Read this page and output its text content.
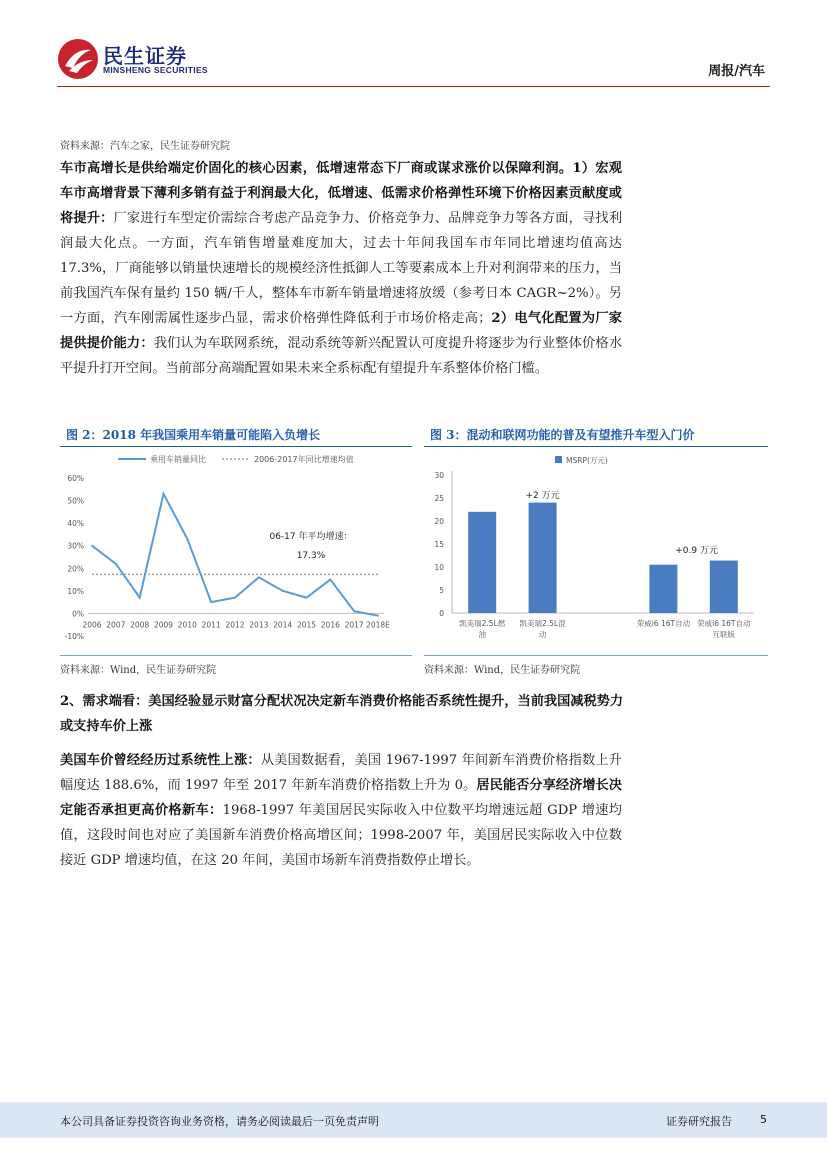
民生证券
MINSHENG SECURITIES	周报/汽车
资料来源：汽车之家，民生证券研究院
车市高增长是供给端定价固化的核心因素，低增速常态下厂商或谋求涨价以保障利润。1）宏观车市高增背景下薄利多销有益于利润最大化，低增速、低需求价格弹性环境下价格因素贡献度或将提升：厂家进行车型定价需综合考虑产品竞争力、价格竞争力、品牌竞争力等各方面，寻找利润最大化点。一方面，汽车销售增量难度加大，过去十年间我国车市年同比增速均值高达 17.3%，厂商能够以销量快速增长的规模经济性抵御人工等要素成本上升对利润带来的压力，当前我国汽车保有量约 150 辆/千人，整体车市新车销量增速将放缓（参考日本 CAGR~2%）。另一方面，汽车刚需属性逐步凸显，需求价格弹性降低利于市场价格走高；2）电气化配置为厂家提供提价能力：我们认为车联网系统，混动系统等新兴配置认可度提升将逐步为行业整体价格水平提升打开空间。当前部分高端配置如果未来全系标配有望提升车系整体价格门槛。
图 2：2018 年我国乘用车销量可能陷入负增长
乘用车销量同比	2006-2017年同比增速均值
60%
50%
40%
30%
20%
10%
0%
-10%
2006 2007 2008 2009 2010 2011 2012 2013 2014 2015 2016 2017 2018E
06-17 年平均增速：
17.3%
资料来源：Wind，民生证券研究院
图 3：混动和联网功能的普及有望推升车型入门价
MSRP(万元)
30
25
20
15
10
5
0
凯美瑞2.5L燃
油
凯美瑞2.5L混
动
荣威i6 16T自动 荣威i6 16T自动
互联版
+2 万元
+0.9 万元
资料来源：Wind，民生证券研究院
2、需求端看：美国经验显示财富分配状况决定新车消费价格能否系统性提升，当前我国减税势力或支持车价上涨
美国车价曾经经历过系统性上涨：从美国数据看，美国 1967-1997 年间新车消费价格指数上升幅度达 188.6%，而 1997 年至 2017 年新车消费价格指数上升为 0。居民能否分享经济增长决定能否承担更高价格新车：1968-1997 年美国居民实际收入中位数平均增速远超 GDP 增速均值，这段时间也对应了美国新车消费价格高增区间；1998-2007 年，美国居民实际收入中位数接近 GDP 增速均值，在这 20 年间，美国市场新车消费指数停止增长。
本公司具备证券投资咨询业务资格，请务必阅读最后一页免责声明	证券研究报告	5
